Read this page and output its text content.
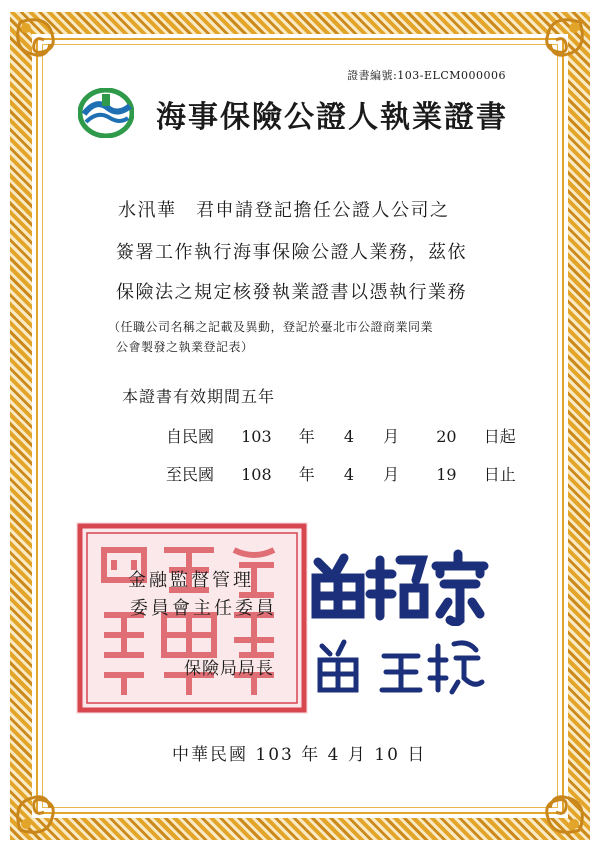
證書編號:103-ELCM000006
海事保險公證人執業證書
水汛華　君申請登記擔任公證人公司之
簽署工作執行海事保險公證人業務，茲依
保險法之規定核發執業證書以憑執行業務
（任職公司名稱之記載及異動，登記於臺北市公證商業同業
公會製發之執業登記表）
本證書有效期間五年
自民國 103 年 4 月 20 日起
至民國 108 年 4 月 19 日止
金融監督管理
委員會主任委員
保險局局長
中華民國 103 年 4 月 10 日
